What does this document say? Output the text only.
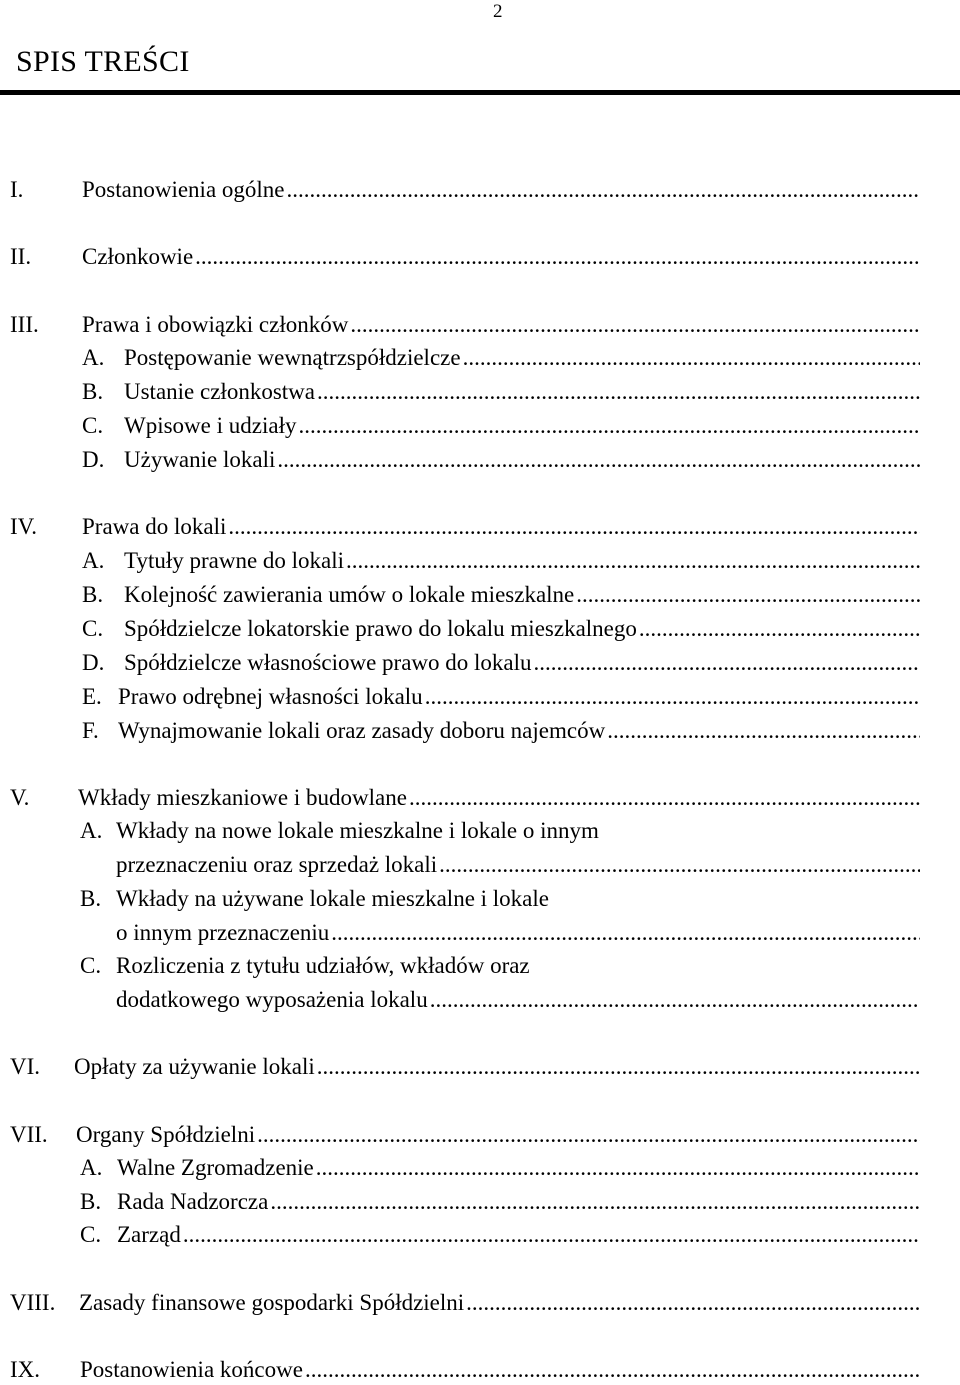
2
SPIS TREŚCI
I.	Postanowienia ogólne
.....
II. Członkowie
.....
III. Prawa i obowiązki członków
.....
A. Postępowanie wewnątrzspółdzielcze
.....
B. Ustanie członkostwa
.....
C. Wpisowe i udziały
.....
D. Używanie lokali
.....
IV. Prawa do lokali
.....
A. Tytuły prawne do lokali
.....
B. Kolejność zawierania umów o lokale mieszkalne
.....
C. Spółdzielcze lokatorskie prawo do lokalu mieszkalnego
.....
D. Spółdzielcze własnościowe prawo do lokalu
.....
E. Prawo odrębnej własności lokalu
.....
F. Wynajmowanie lokali oraz zasady doboru najemców
.....
V. Wkłady mieszkaniowe i budowlane
.....
A. Wkłady na nowe lokale mieszkalne i lokale o innym
przeznaczeniu oraz sprzedaż lokali
.....
B. Wkłady na używane lokale mieszkalne i lokale
o innym przeznaczeniu
.....
C. Rozliczenia z tytułu udziałów, wkładów oraz
dodatkowego wyposażenia lokalu
.....
VI. Opłaty za używanie lokali
.....
VII. Organy Spółdzielni
.....
A. Walne Zgromadzenie
.....
B. Rada Nadzorcza
.....
C. Zarząd
.....
VIII. Zasady finansowe gospodarki Spółdzielni
.....
IX. Postanowienia końcowe
.....
